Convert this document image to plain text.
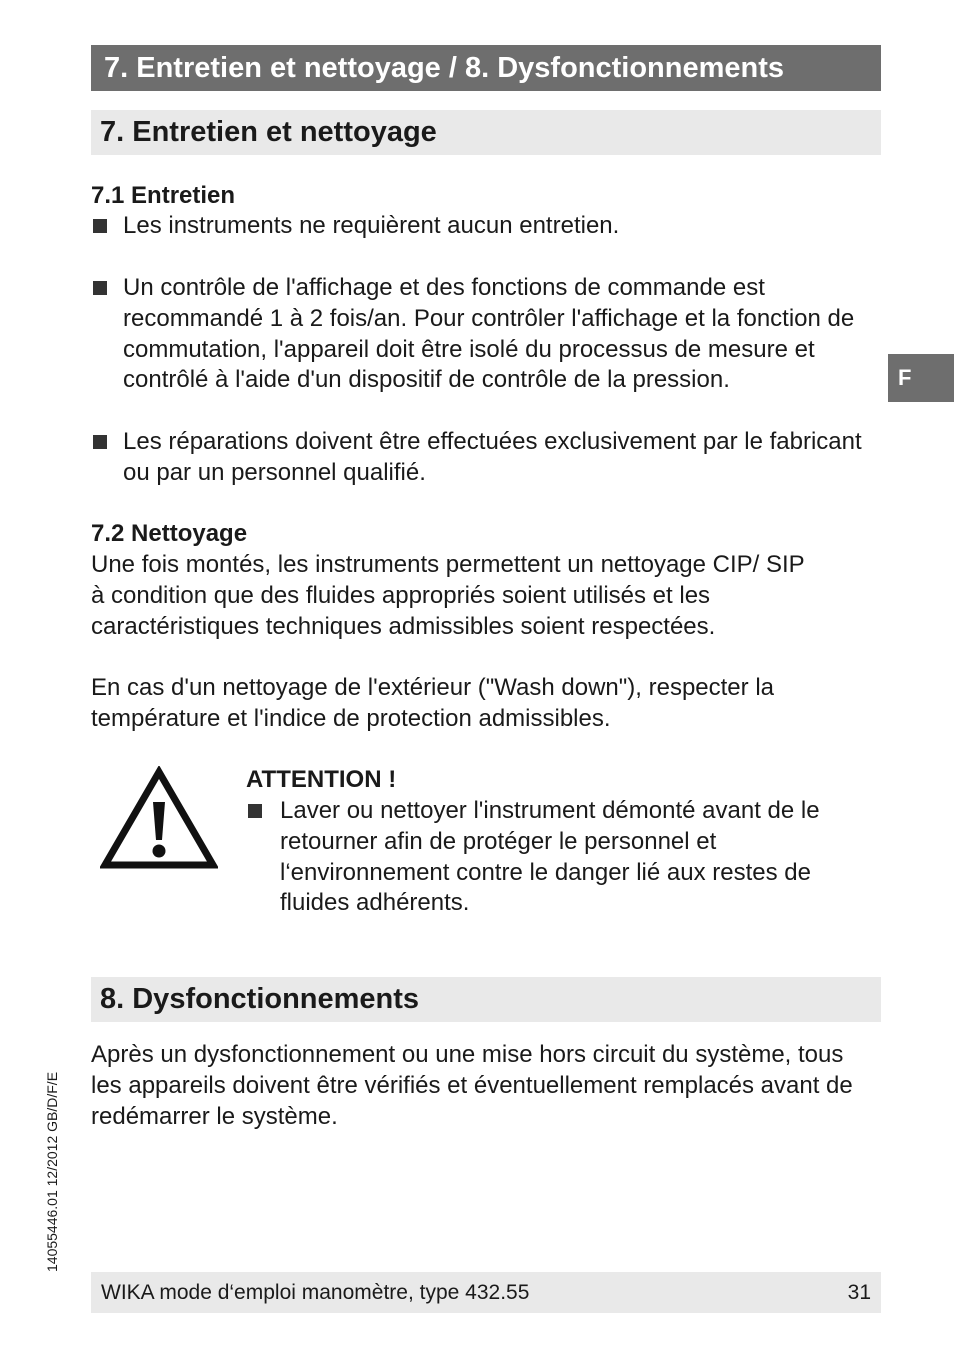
7. Entretien et nettoyage / 8. Dysfonctionnements
7. Entretien et nettoyage
7.1 Entretien
Les instruments ne requièrent aucun entretien.
Un contrôle de l'affichage et des fonctions de commande est recommandé 1 à 2 fois/an. Pour contrôler l'affichage et la fonction de commutation, l'appareil doit être isolé du processus de mesure et contrôlé à l'aide d'un dispositif de contrôle de la pression.
Les réparations doivent être effectuées exclusivement par le fabricant ou par un personnel qualifié.
F
7.2 Nettoyage
Une fois montés, les instruments permettent un nettoyage CIP/ SIP à condition que des fluides appropriés soient utilisés et les caractéristiques techniques admissibles soient respectées.
En cas d'un nettoyage de l'extérieur ("Wash down"), respecter la température et l'indice de protection admissibles.
ATTENTION !
Laver ou nettoyer l'instrument démonté avant de le retourner afin de protéger le personnel et l‘environnement contre le danger lié aux restes de fluides adhérents.
8. Dysfonctionnements
Après un dysfonctionnement ou une mise hors circuit du système, tous les appareils doivent être vérifiés et éventuellement remplacés avant de redémarrer le système.
14055446.01 12/2012 GB/D/F/E
WIKA mode d‘emploi manomètre, type 432.55	31
